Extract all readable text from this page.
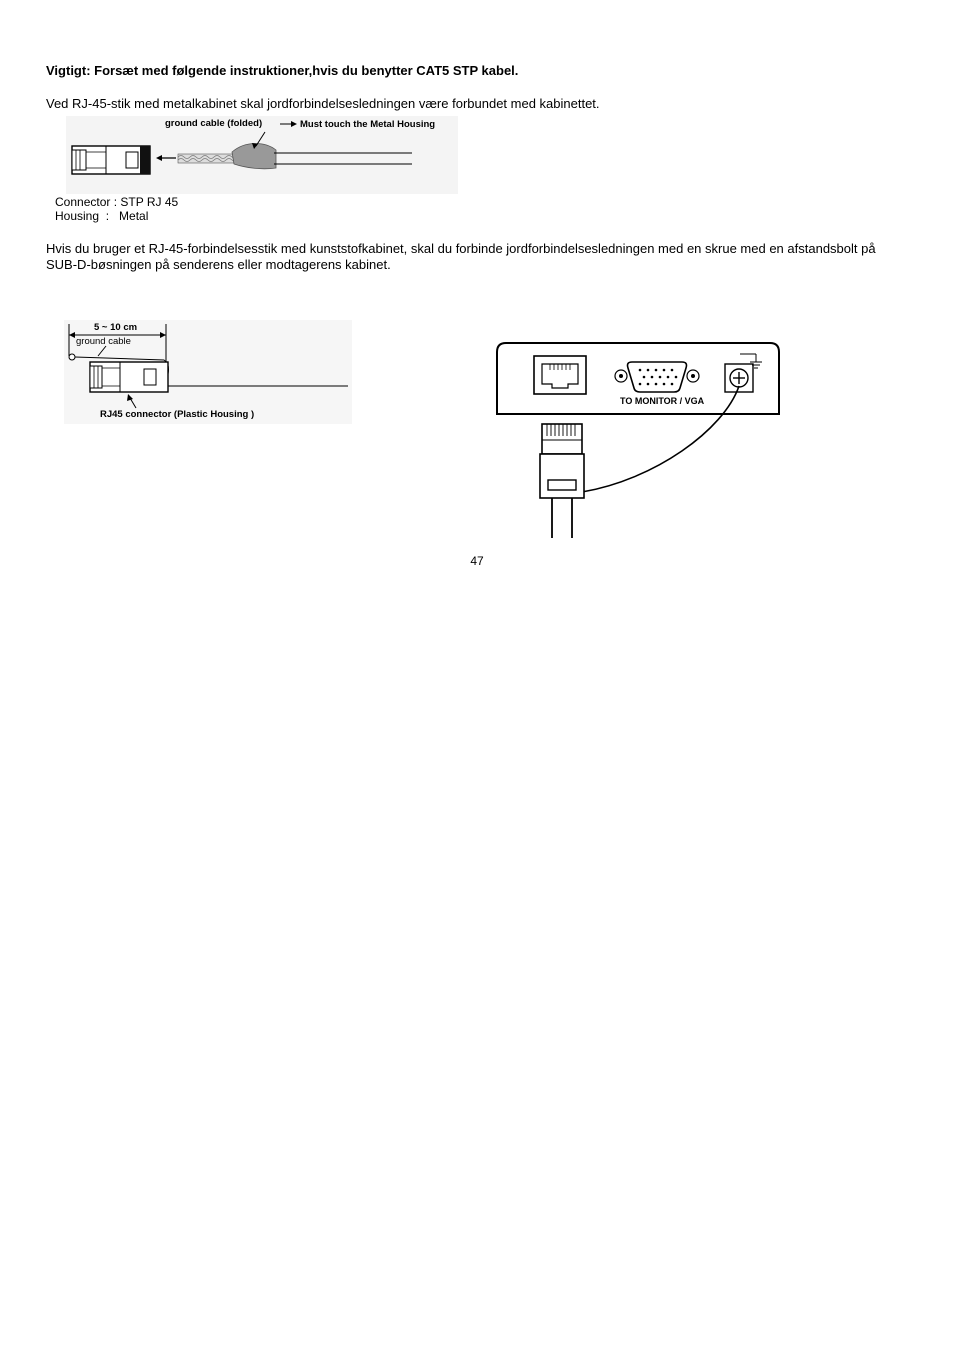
Vigtigt: Forsæt med følgende instruktioner,hvis du benytter CAT5 STP kabel.
Ved RJ-45-stik med metalkabinet skal jordforbindelsesledningen være forbundet med kabinettet.
ground cable (folded)	Must touch the Metal Housing
Connector : STP RJ 45
Housing  :   Metal
Hvis du bruger et RJ-45-forbindelsesstik med kunststofkabinet, skal du forbinde jordforbindelsesledningen med en skrue med en afstandsbolt på SUB-D-bøsningen på senderens eller modtagerens kabinet.
5 ~ 10 cm
ground cable
RJ45 connector (Plastic Housing )
TO MONITOR / VGA
47
